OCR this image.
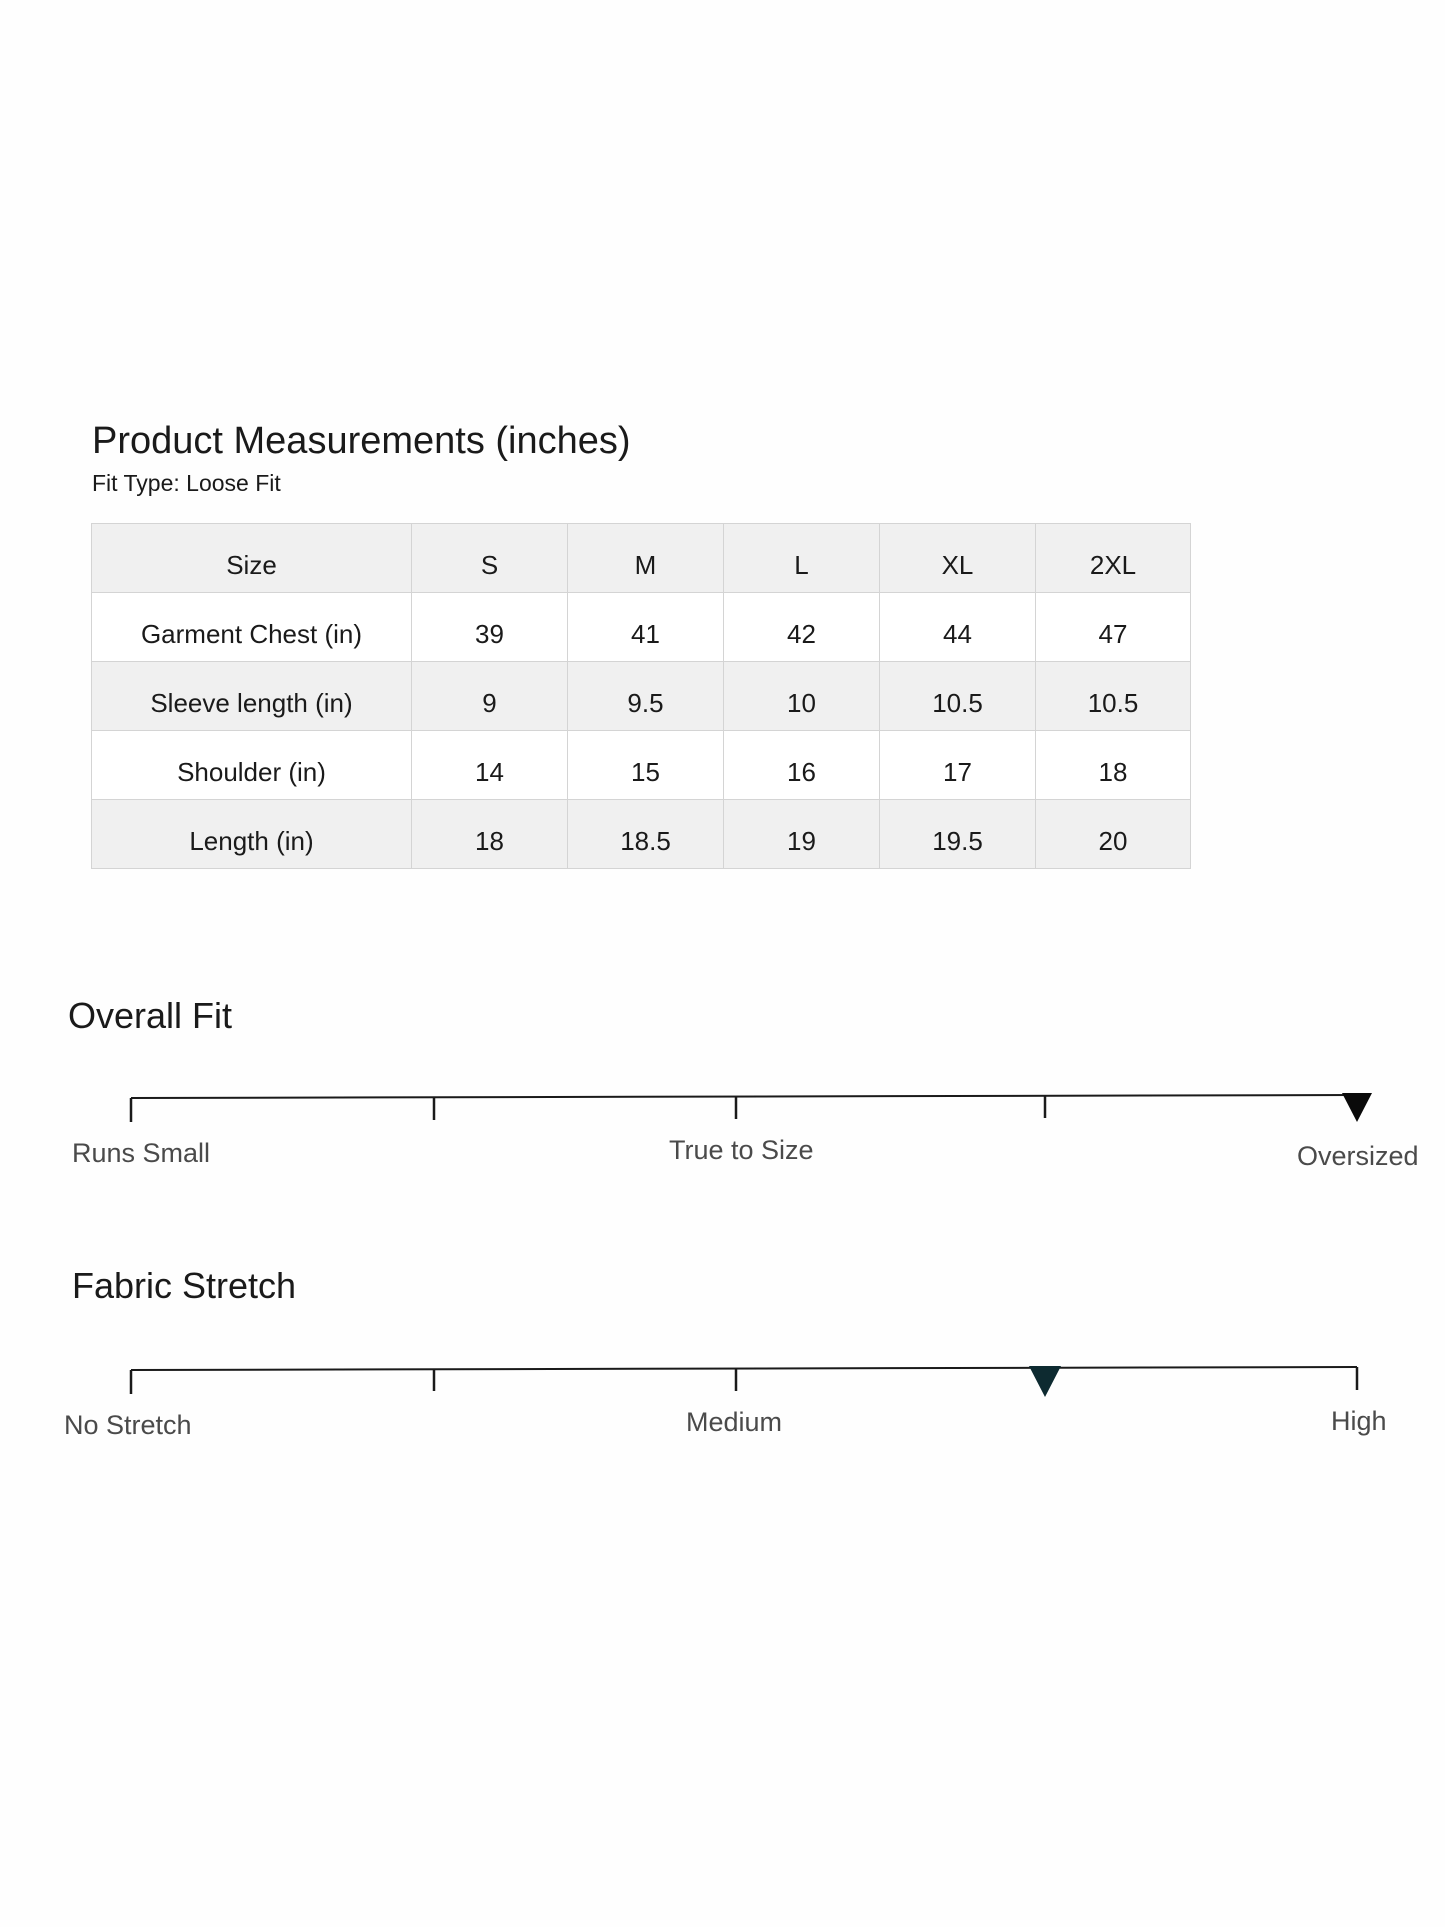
Product Measurements (inches)
Fit Type: Loose Fit
Size	S	M	L	XL	2XL
Garment Chest (in)	39	41	42	44	47
Sleeve length (in)	9	9.5	10	10.5	10.5
Shoulder (in)	14	15	16	17	18
Length (in)	18	18.5	19	19.5	20
Overall Fit
Runs Small	True to Size	Oversized
Fabric Stretch
No Stretch	Medium	High
